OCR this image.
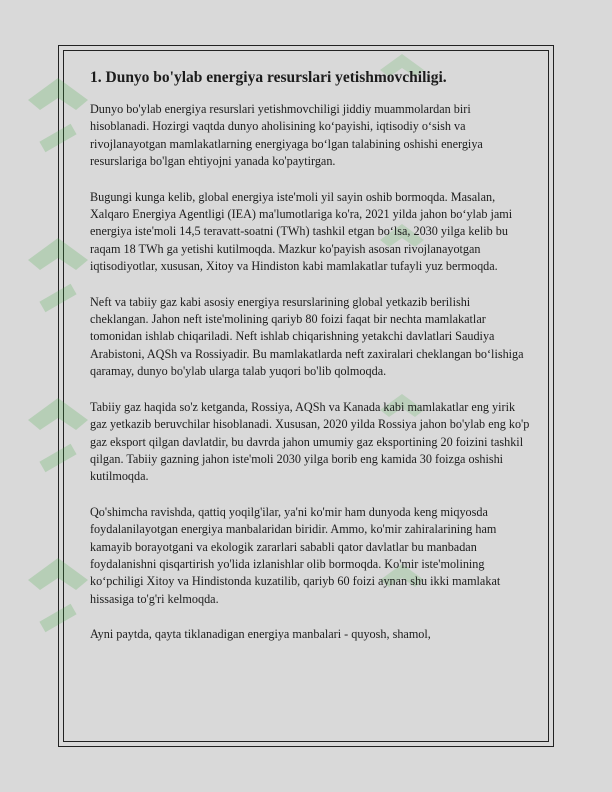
1. Dunyo bo'ylab energiya resurslari yetishmovchiligi.

Dunyo bo'ylab energiya resurslari yetishmovchiligi jiddiy muammolardan biri hisoblanadi. Hozirgi vaqtda dunyo aholisining ko‘payishi, iqtisodiy o‘sish va rivojlanayotgan mamlakatlarning energiyaga bo‘lgan talabining oshishi energiya resurslariga bo'lgan ehtiyojni yanada ko'paytirgan.

Bugungi kunga kelib, global energiya iste'moli yil sayin oshib bormoqda. Masalan, Xalqaro Energiya Agentligi (IEA) ma'lumotlariga ko'ra, 2021 yilda jahon bo‘ylab jami energiya iste'moli 14,5 teravatt-soatni (TWh) tashkil etgan bo‘lsa, 2030 yilga kelib bu raqam 18 TWh ga yetishi kutilmoqda. Mazkur ko'payish asosan rivojlanayotgan iqtisodiyotlar, xususan, Xitoy va Hindiston kabi mamlakatlar tufayli yuz bermoqda.

Neft va tabiiy gaz kabi asosiy energiya resurslarining global yetkazib berilishi cheklangan. Jahon neft iste'molining qariyb 80 foizi faqat bir nechta mamlakatlar tomonidan ishlab chiqariladi. Neft ishlab chiqarishning yetakchi davlatlari Saudiya Arabistoni, AQSh va Rossiyadir. Bu mamlakatlarda neft zaxiralari cheklangan bo‘lishiga qaramay, dunyo bo'ylab ularga talab yuqori bo'lib qolmoqda.

Tabiiy gaz haqida so'z ketganda, Rossiya, AQSh va Kanada kabi mamlakatlar eng yirik gaz yetkazib beruvchilar hisoblanadi. Xususan, 2020 yilda Rossiya jahon bo'ylab eng ko'p gaz eksport qilgan davlatdir, bu davrda jahon umumiy gaz eksportining 20 foizini tashkil qilgan. Tabiiy gazning jahon iste'moli 2030 yilga borib eng kamida 30 foizga oshishi kutilmoqda.

Qo'shimcha ravishda, qattiq yoqilg'ilar, ya'ni ko'mir ham dunyoda keng miqyosda foydalanilayotgan energiya manbalaridan biridir. Ammo, ko'mir zahiralarining ham kamayib borayotgani va ekologik zararlari sababli qator davlatlar bu manbadan foydalanishni qisqartirish yo'lida izlanishlar olib bormoqda. Ko'mir iste'molining ko‘pchiligi Xitoy va Hindistonda kuzatilib, qariyb 60 foizi aynan shu ikki mamlakat hissasiga to'g'ri kelmoqda.

Ayni paytda, qayta tiklanadigan energiya manbalari - quyosh, shamol,
